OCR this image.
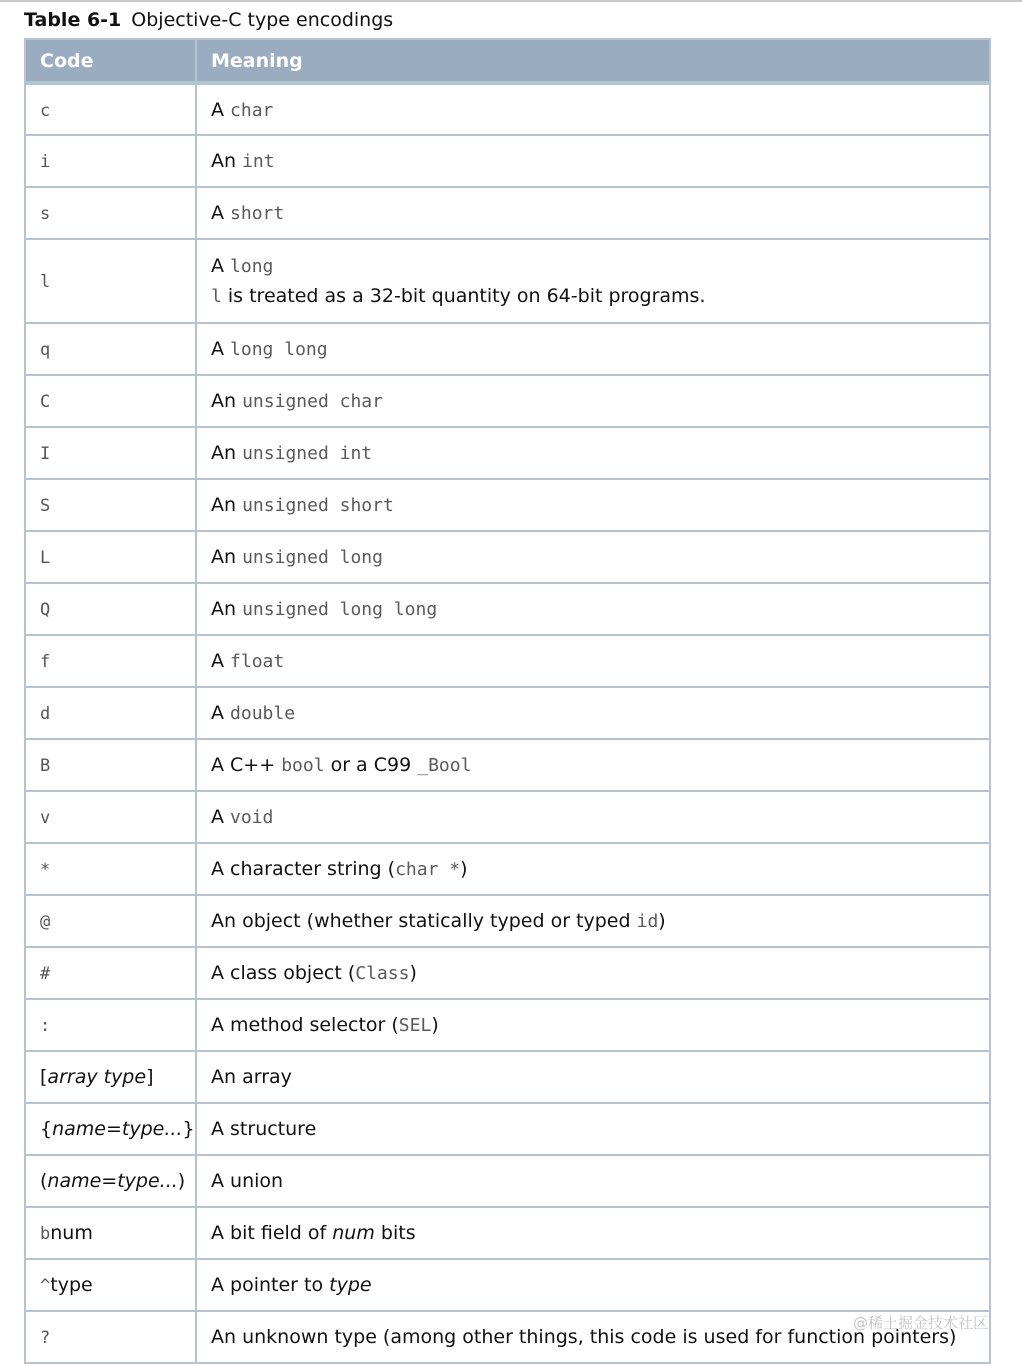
Table 6-1 Objective-C type encodings
Code	Meaning
c	A char
i	An int
s	A short
l	A long
l is treated as a 32-bit quantity on 64-bit programs.

q	A long long
C	An unsigned char
I	An unsigned int
S	An unsigned short
L	An unsigned long
Q	An unsigned long long
f	A float
d	A double
B	A C++ bool or a C99 _Bool
v	A void
*	A character string (char *)
@	An object (whether statically typed or typed id)
#	A class object (Class)
:	A method selector (SEL)
[array type]	An array
{name=type...}	A structure
(name=type...)	A union
bnum	A bit field of num bits
^type	A pointer to type
?	An unknown type (among other things, this code is used for function pointers)
@稀土掘金技术社区
